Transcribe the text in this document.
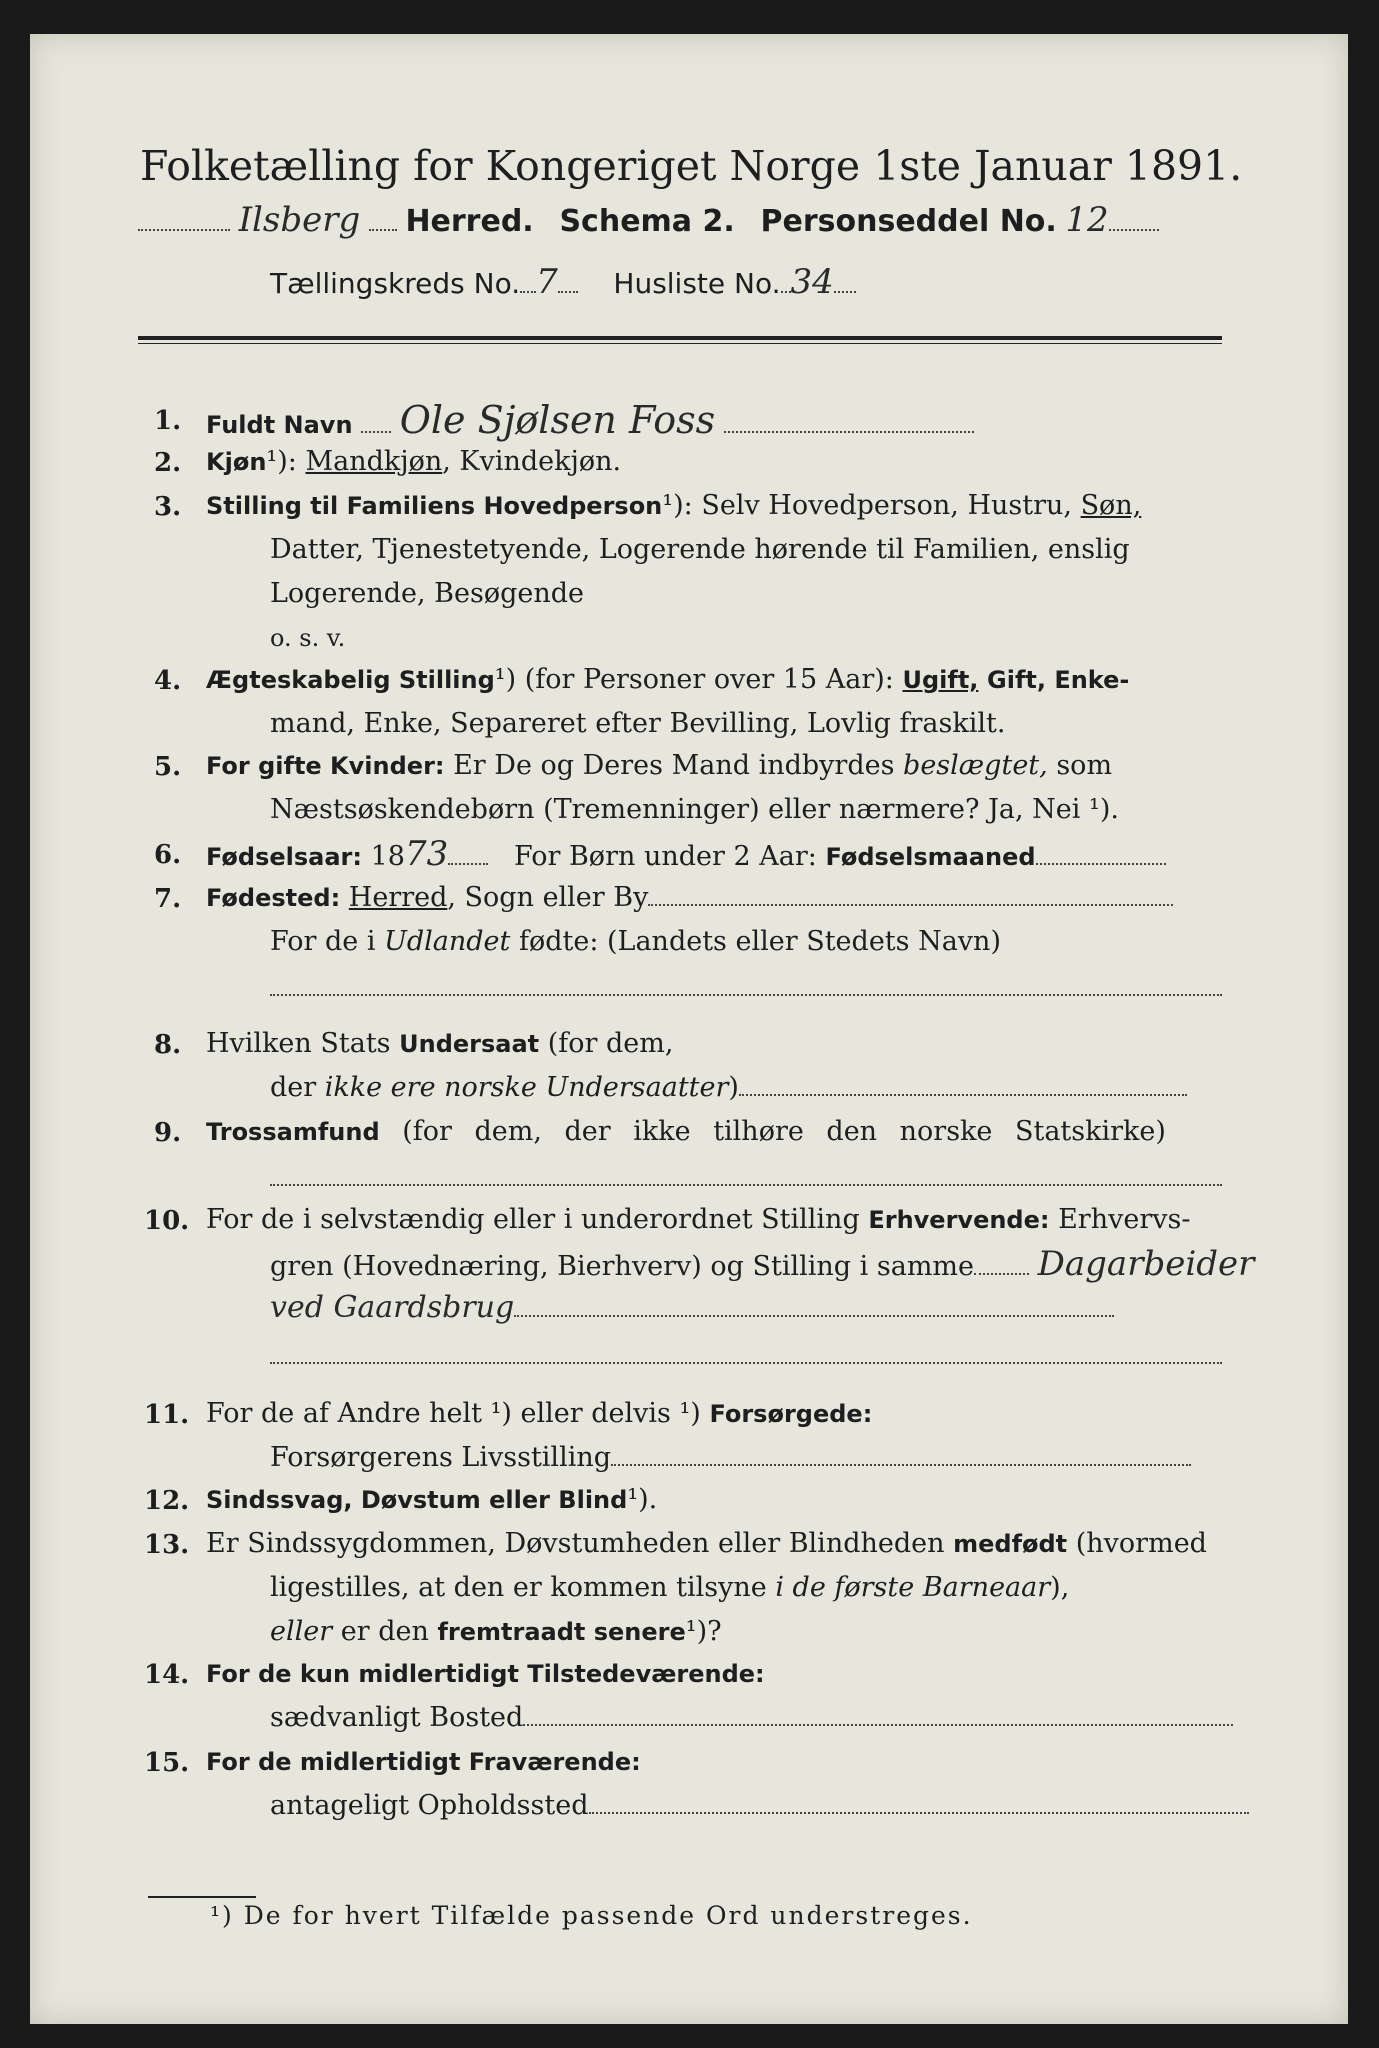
Folketælling for Kongeriget Norge 1ste Januar 1891.
Ilsberg Herred. Schema 2. Personseddel No. 12
Tællingskreds No. 7 Husliste No. 34
1. Fuldt Navn Ole Sjølsen Foss
2. Kjøn¹): Mandkjøn, Kvindekjøn.
3. Stilling til Familiens Hovedperson¹): Selv Hovedperson, Hustru, Søn,
Datter, Tjenestetyende, Logerende hørende til Familien, enslig
Logerende, Besøgende
o. s. v.
4. Ægteskabelig Stilling¹) (for Personer over 15 Aar): Ugift, Gift, Enke-
mand, Enke, Separeret efter Bevilling, Lovlig fraskilt.
5. For gifte Kvinder: Er De og Deres Mand indbyrdes beslægtet, som
Næstsøskendebørn (Tremenninger) eller nærmere? Ja, Nei ¹).
6. Fødselsaar: 1873 For Børn under 2 Aar: Fødselsmaaned
7. Fødested: Herred, Sogn eller By
For de i Udlandet fødte: (Landets eller Stedets Navn)
8. Hvilken Stats Undersaat (for dem,
der ikke ere norske Undersaatter)
9. Trossamfund (for dem, der ikke tilhøre den norske Statskirke)
10. For de i selvstændig eller i underordnet Stilling Erhvervende: Erhvervs-
gren (Hovednæring, Bierhverv) og Stilling i samme Dagarbeider
ved Gaardsbrug
11. For de af Andre helt ¹) eller delvis ¹) Forsørgede:
Forsørgerens Livsstilling
12. Sindssvag, Døvstum eller Blind¹).
13. Er Sindssygdommen, Døvstumheden eller Blindheden medfødt (hvormed
ligestilles, at den er kommen tilsyne i de første Barneaar),
eller er den fremtraadt senere¹)?
14. For de kun midlertidigt Tilstedeværende:
sædvanligt Bosted
15. For de midlertidigt Fraværende:
antageligt Opholdssted
¹) De for hvert Tilfælde passende Ord understreges.
